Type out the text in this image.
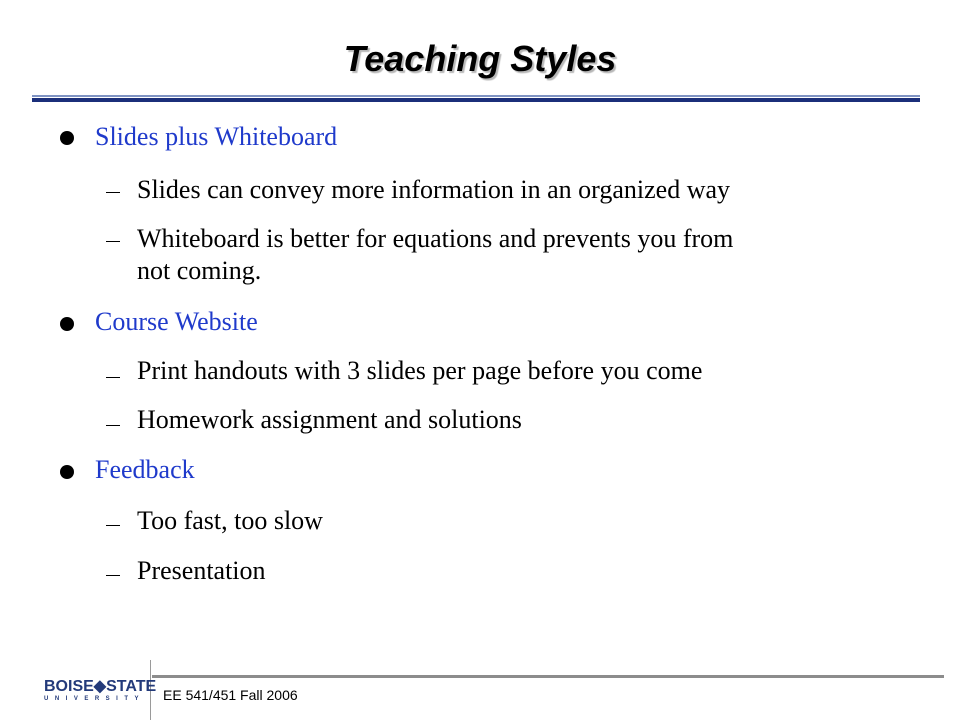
Teaching Styles
Slides plus Whiteboard
Slides can convey more information in an organized way
Whiteboard is better for equations and prevents you from
not coming.
Course Website
Print handouts with 3 slides per page before you come
Homework assignment and solutions
Feedback
Too fast, too slow
Presentation
BOISE◆STATE
UNIVERSITY EE 541/451 Fall 2006
